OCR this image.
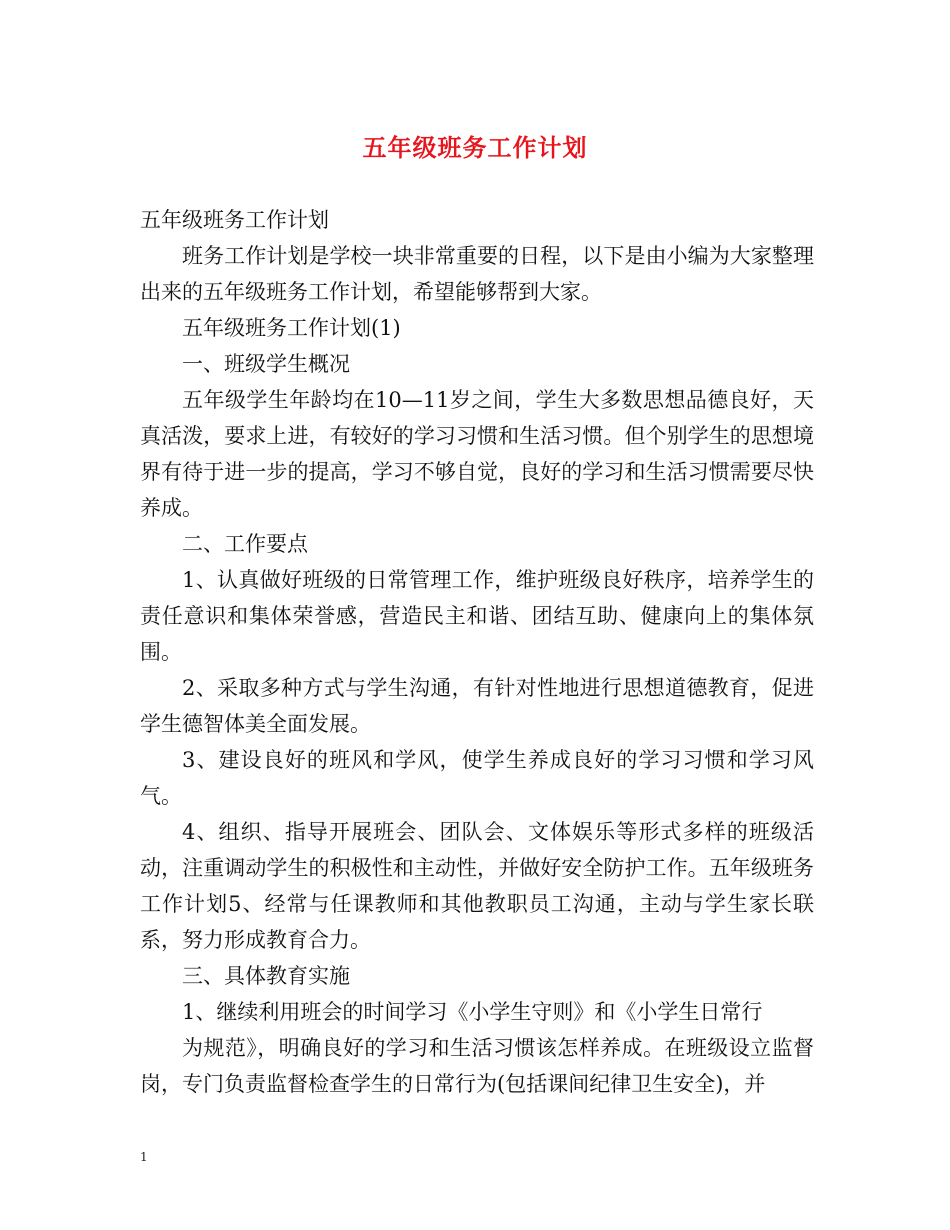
五年级班务工作计划

五年级班务工作计划

班务工作计划是学校一块非常重要的日程，以下是由小编为大家整理出来的五年级班务工作计划，希望能够帮到大家。

五年级班务工作计划(1)

一、班级学生概况

五年级学生年龄均在10—11岁之间，学生大多数思想品德良好，天真活泼，要求上进，有较好的学习习惯和生活习惯。但个别学生的思想境界有待于进一步的提高，学习不够自觉，良好的学习和生活习惯需要尽快养成。

二、工作要点

1、认真做好班级的日常管理工作，维护班级良好秩序，培养学生的责任意识和集体荣誉感，营造民主和谐、团结互助、健康向上的集体氛围。

2、采取多种方式与学生沟通，有针对性地进行思想道德教育，促进学生德智体美全面发展。

3、建设良好的班风和学风，使学生养成良好的学习习惯和学习风气。

4、组织、指导开展班会、团队会、文体娱乐等形式多样的班级活动，注重调动学生的积极性和主动性，并做好安全防护工作。五年级班务工作计划5、经常与任课教师和其他教职员工沟通，主动与学生家长联系，努力形成教育合力。

三、具体教育实施

1、继续利用班会的时间学习《小学生守则》和《小学生日常行

为规范》，明确良好的学习和生活习惯该怎样养成。在班级设立监督岗，专门负责监督检查学生的日常行为(包括课间纪律卫生安全)，并

1
